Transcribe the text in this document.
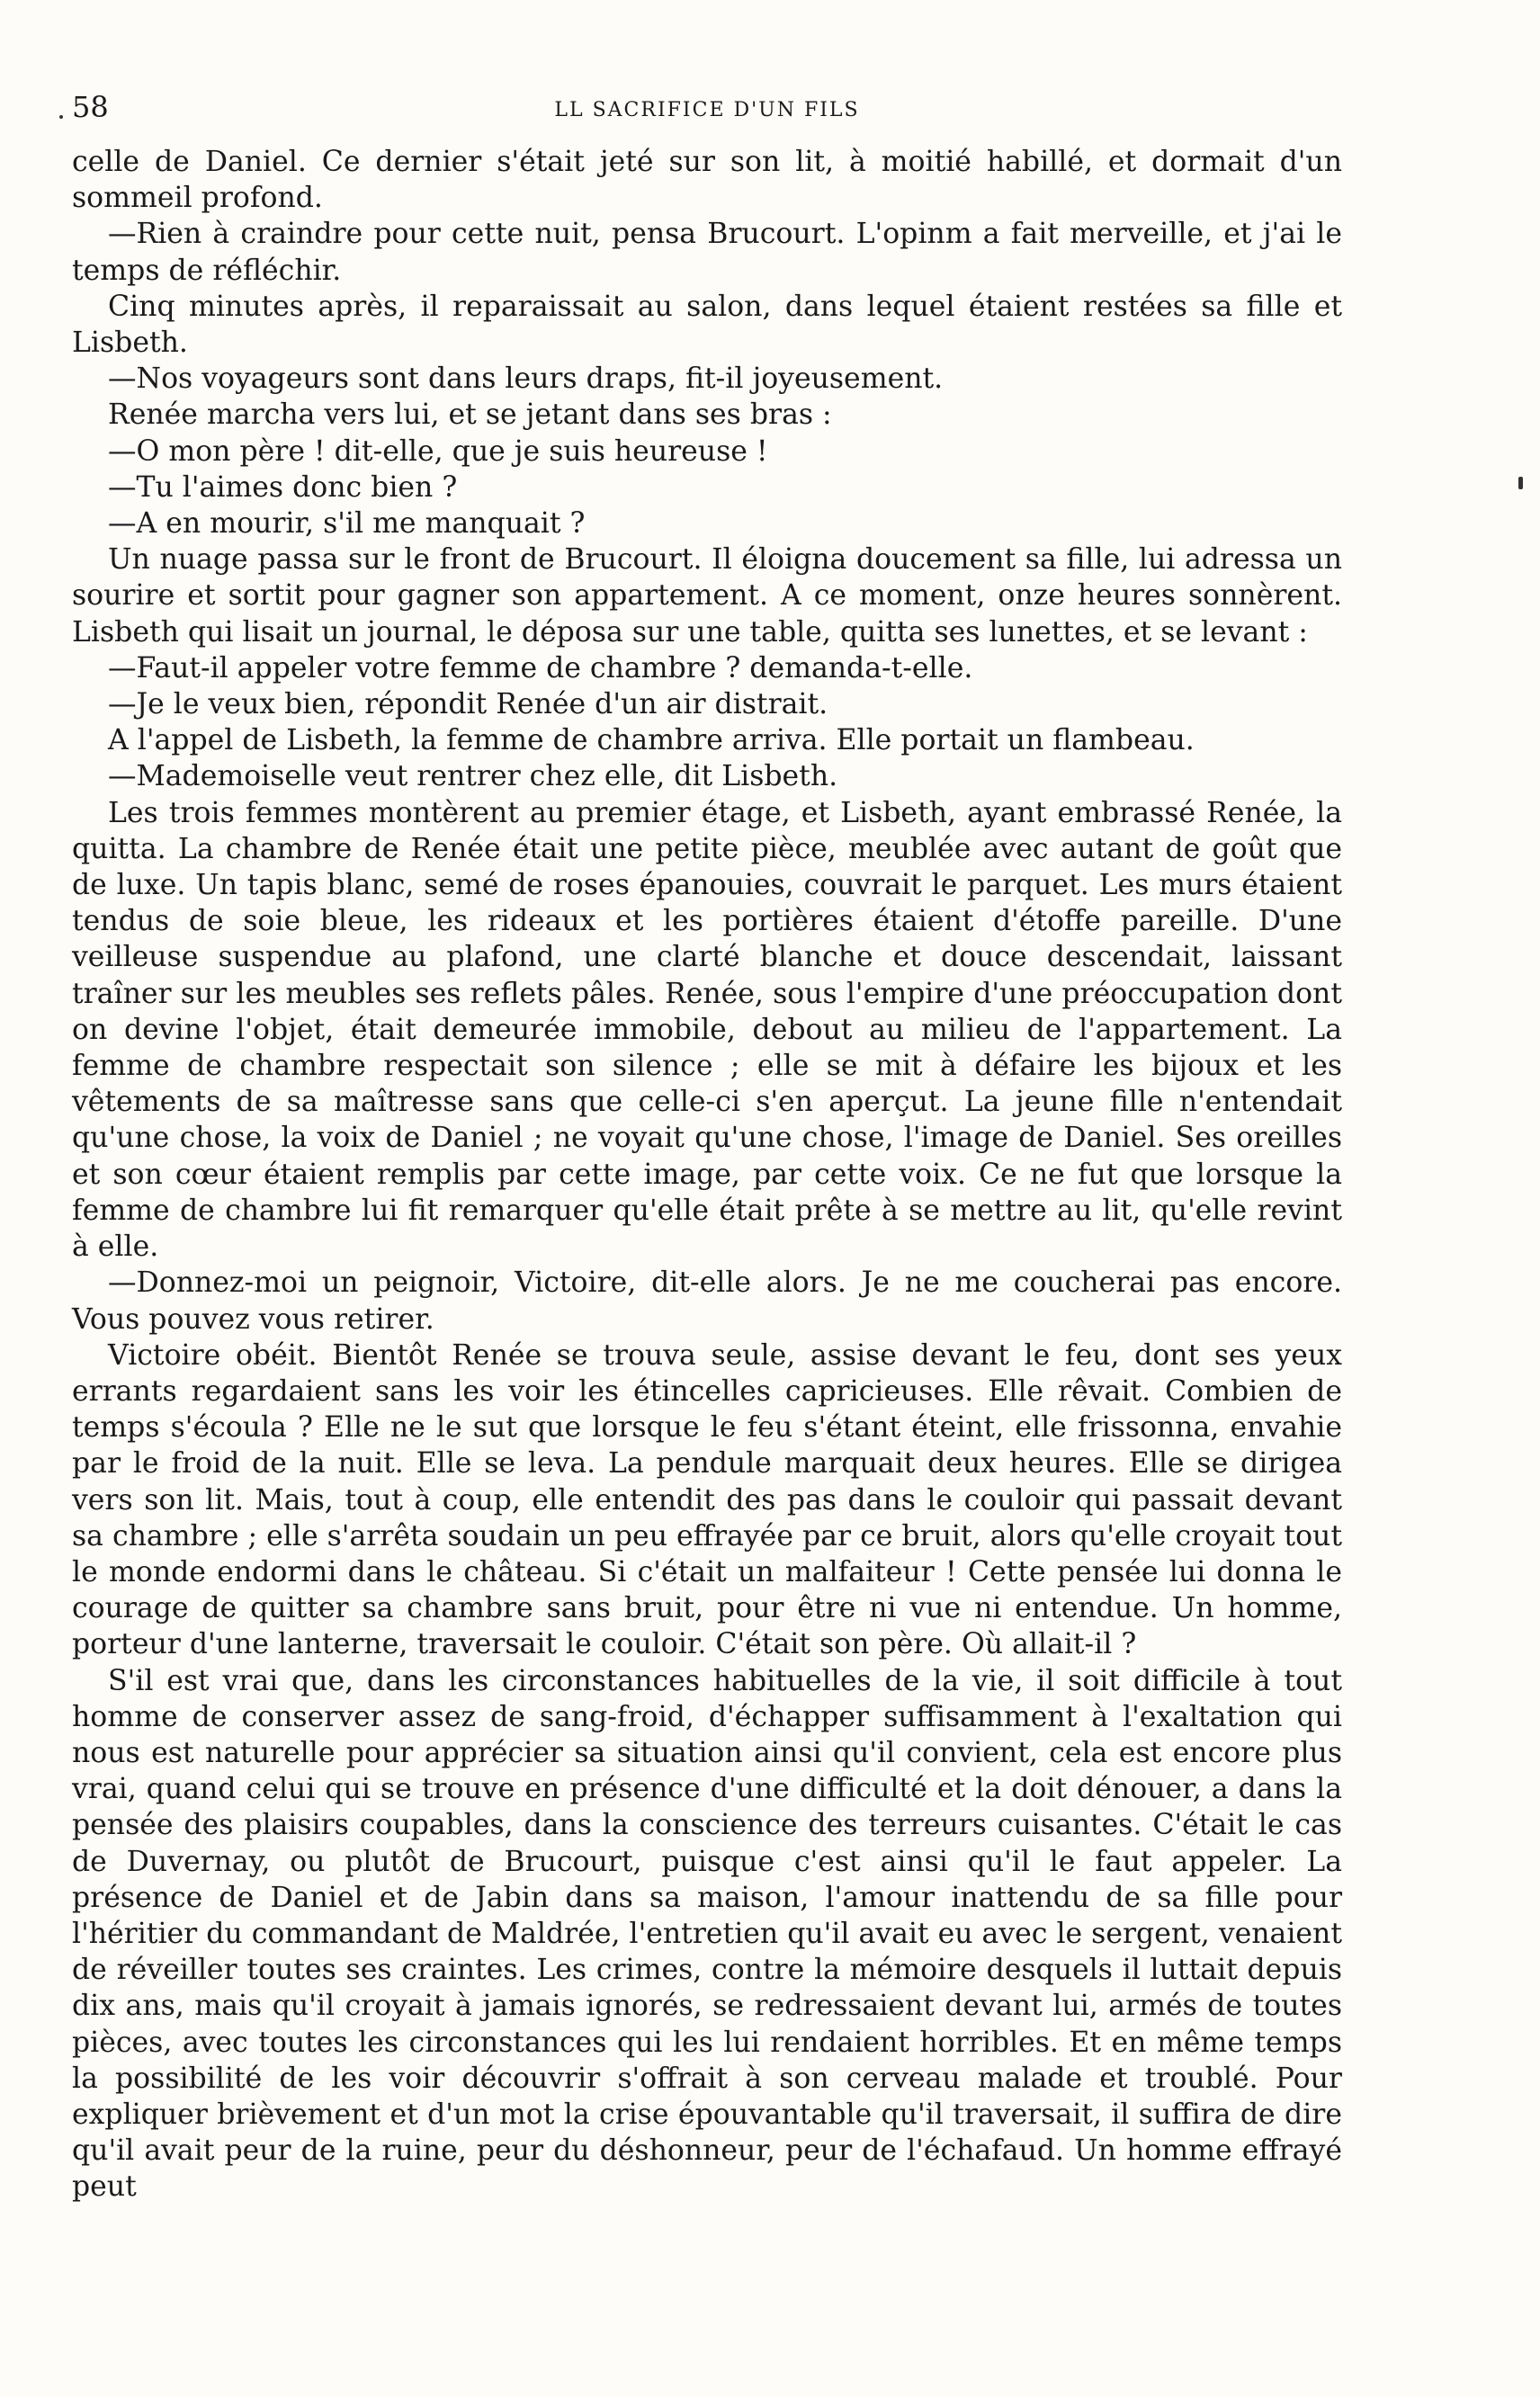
58	LL SACRIFICE D'UN FILS

celle de Daniel. Ce dernier s'était jeté sur son lit, à moitié habillé, et dormait d'un sommeil profond.

—Rien à craindre pour cette nuit, pensa Brucourt. L'opinm a fait merveille, et j'ai le temps de réfléchir.

Cinq minutes après, il reparaissait au salon, dans lequel étaient restées sa fille et Lisbeth.

—Nos voyageurs sont dans leurs draps, fit-il joyeusement.

Renée marcha vers lui, et se jetant dans ses bras :

—O mon père ! dit-elle, que je suis heureuse !

—Tu l'aimes donc bien ?

—A en mourir, s'il me manquait ?

Un nuage passa sur le front de Brucourt. Il éloigna doucement sa fille, lui adressa un sourire et sortit pour gagner son appartement. A ce moment, onze heures sonnèrent. Lisbeth qui lisait un journal, le déposa sur une table, quitta ses lunettes, et se levant :

—Faut-il appeler votre femme de chambre ? demanda-t-elle.

—Je le veux bien, répondit Renée d'un air distrait.

A l'appel de Lisbeth, la femme de chambre arriva. Elle portait un flambeau.

—Mademoiselle veut rentrer chez elle, dit Lisbeth.

Les trois femmes montèrent au premier étage, et Lisbeth, ayant embrassé Renée, la quitta. La chambre de Renée était une petite pièce, meublée avec autant de goût que de luxe. Un tapis blanc, semé de roses épanouies, couvrait le parquet. Les murs étaient tendus de soie bleue, les rideaux et les portières étaient d'étoffe pareille. D'une veilleuse suspendue au plafond, une clarté blanche et douce descendait, laissant traîner sur les meubles ses reflets pâles. Renée, sous l'empire d'une préoccupation dont on devine l'objet, était demeurée immobile, debout au milieu de l'appartement. La femme de chambre respectait son silence ; elle se mit à défaire les bijoux et les vêtements de sa maîtresse sans que celle-ci s'en aperçut. La jeune fille n'entendait qu'une chose, la voix de Daniel ; ne voyait qu'une chose, l'image de Daniel. Ses oreilles et son cœur étaient remplis par cette image, par cette voix. Ce ne fut que lorsque la femme de chambre lui fit remarquer qu'elle était prête à se mettre au lit, qu'elle revint à elle.

—Donnez-moi un peignoir, Victoire, dit-elle alors. Je ne me coucherai pas encore. Vous pouvez vous retirer.

Victoire obéit. Bientôt Renée se trouva seule, assise devant le feu, dont ses yeux errants regardaient sans les voir les étincelles capricieuses. Elle rêvait. Combien de temps s'écoula ? Elle ne le sut que lorsque le feu s'étant éteint, elle frissonna, envahie par le froid de la nuit. Elle se leva. La pendule marquait deux heures. Elle se dirigea vers son lit. Mais, tout à coup, elle entendit des pas dans le couloir qui passait devant sa chambre ; elle s'arrêta soudain un peu effrayée par ce bruit, alors qu'elle croyait tout le monde endormi dans le château. Si c'était un malfaiteur ! Cette pensée lui donna le courage de quitter sa chambre sans bruit, pour être ni vue ni entendue. Un homme, porteur d'une lanterne, traversait le couloir. C'était son père. Où allait-il ?

S'il est vrai que, dans les circonstances habituelles de la vie, il soit difficile à tout homme de conserver assez de sang-froid, d'échapper suffisamment à l'exaltation qui nous est naturelle pour apprécier sa situation ainsi qu'il convient, cela est encore plus vrai, quand celui qui se trouve en présence d'une difficulté et la doit dénouer, a dans la pensée des plaisirs coupables, dans la conscience des terreurs cuisantes. C'était le cas de Duvernay, ou plutôt de Brucourt, puisque c'est ainsi qu'il le faut appeler. La présence de Daniel et de Jabin dans sa maison, l'amour inattendu de sa fille pour l'héritier du commandant de Maldrée, l'entretien qu'il avait eu avec le sergent, venaient de réveiller toutes ses craintes. Les crimes, contre la mémoire desquels il luttait depuis dix ans, mais qu'il croyait à jamais ignorés, se redressaient devant lui, armés de toutes pièces, avec toutes les circonstances qui les lui rendaient horribles. Et en même temps la possibilité de les voir découvrir s'offrait à son cerveau malade et troublé. Pour expliquer brièvement et d'un mot la crise épouvantable qu'il traversait, il suffira de dire qu'il avait peur de la ruine, peur du déshonneur, peur de l'échafaud. Un homme effrayé peut
